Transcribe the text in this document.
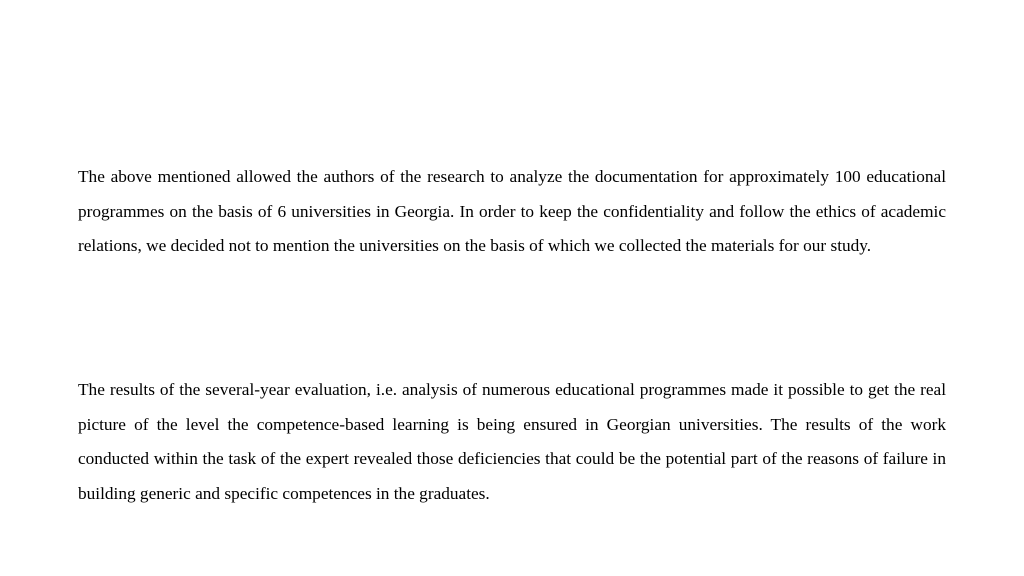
The above mentioned allowed the authors of the research to analyze the documentation for approximately 100 educational programmes on the basis of 6 universities in Georgia. In order to keep the confidentiality and follow the ethics of academic relations, we decided not to mention the universities on the basis of which we collected the materials for our study.

The results of the several-year evaluation, i.e. analysis of numerous educational programmes made it possible to get the real picture of the level the competence-based learning is being ensured in Georgian universities. The results of the work conducted within the task of the expert revealed those deficiencies that could be the potential part of the reasons of failure in building generic and specific competences in the graduates.
